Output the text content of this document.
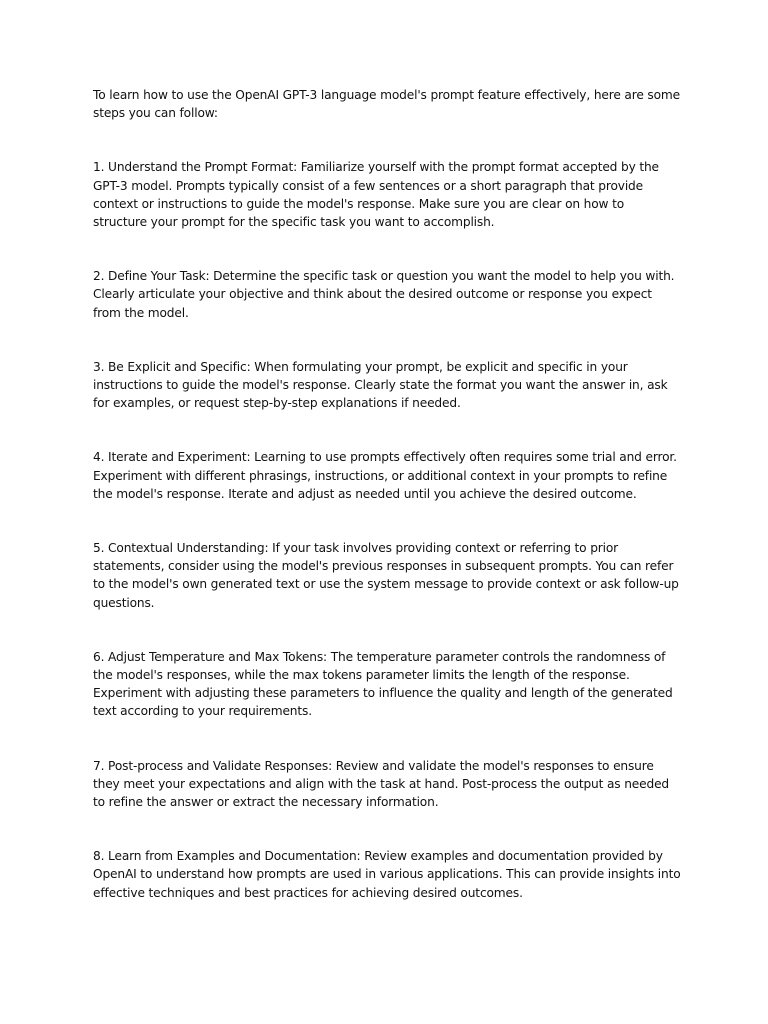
To learn how to use the OpenAI GPT-3 language model's prompt feature effectively, here are some steps you can follow:

1. Understand the Prompt Format: Familiarize yourself with the prompt format accepted by the GPT-3 model. Prompts typically consist of a few sentences or a short paragraph that provide context or instructions to guide the model's response. Make sure you are clear on how to structure your prompt for the specific task you want to accomplish.

2. Define Your Task: Determine the specific task or question you want the model to help you with. Clearly articulate your objective and think about the desired outcome or response you expect from the model.

3. Be Explicit and Specific: When formulating your prompt, be explicit and specific in your instructions to guide the model's response. Clearly state the format you want the answer in, ask for examples, or request step-by-step explanations if needed.

4. Iterate and Experiment: Learning to use prompts effectively often requires some trial and error. Experiment with different phrasings, instructions, or additional context in your prompts to refine the model's response. Iterate and adjust as needed until you achieve the desired outcome.

5. Contextual Understanding: If your task involves providing context or referring to prior statements, consider using the model's previous responses in subsequent prompts. You can refer to the model's own generated text or use the system message to provide context or ask follow-up questions.

6. Adjust Temperature and Max Tokens: The temperature parameter controls the randomness of the model's responses, while the max tokens parameter limits the length of the response. Experiment with adjusting these parameters to influence the quality and length of the generated text according to your requirements.

7. Post-process and Validate Responses: Review and validate the model's responses to ensure they meet your expectations and align with the task at hand. Post-process the output as needed to refine the answer or extract the necessary information.

8. Learn from Examples and Documentation: Review examples and documentation provided by OpenAI to understand how prompts are used in various applications. This can provide insights into effective techniques and best practices for achieving desired outcomes.
